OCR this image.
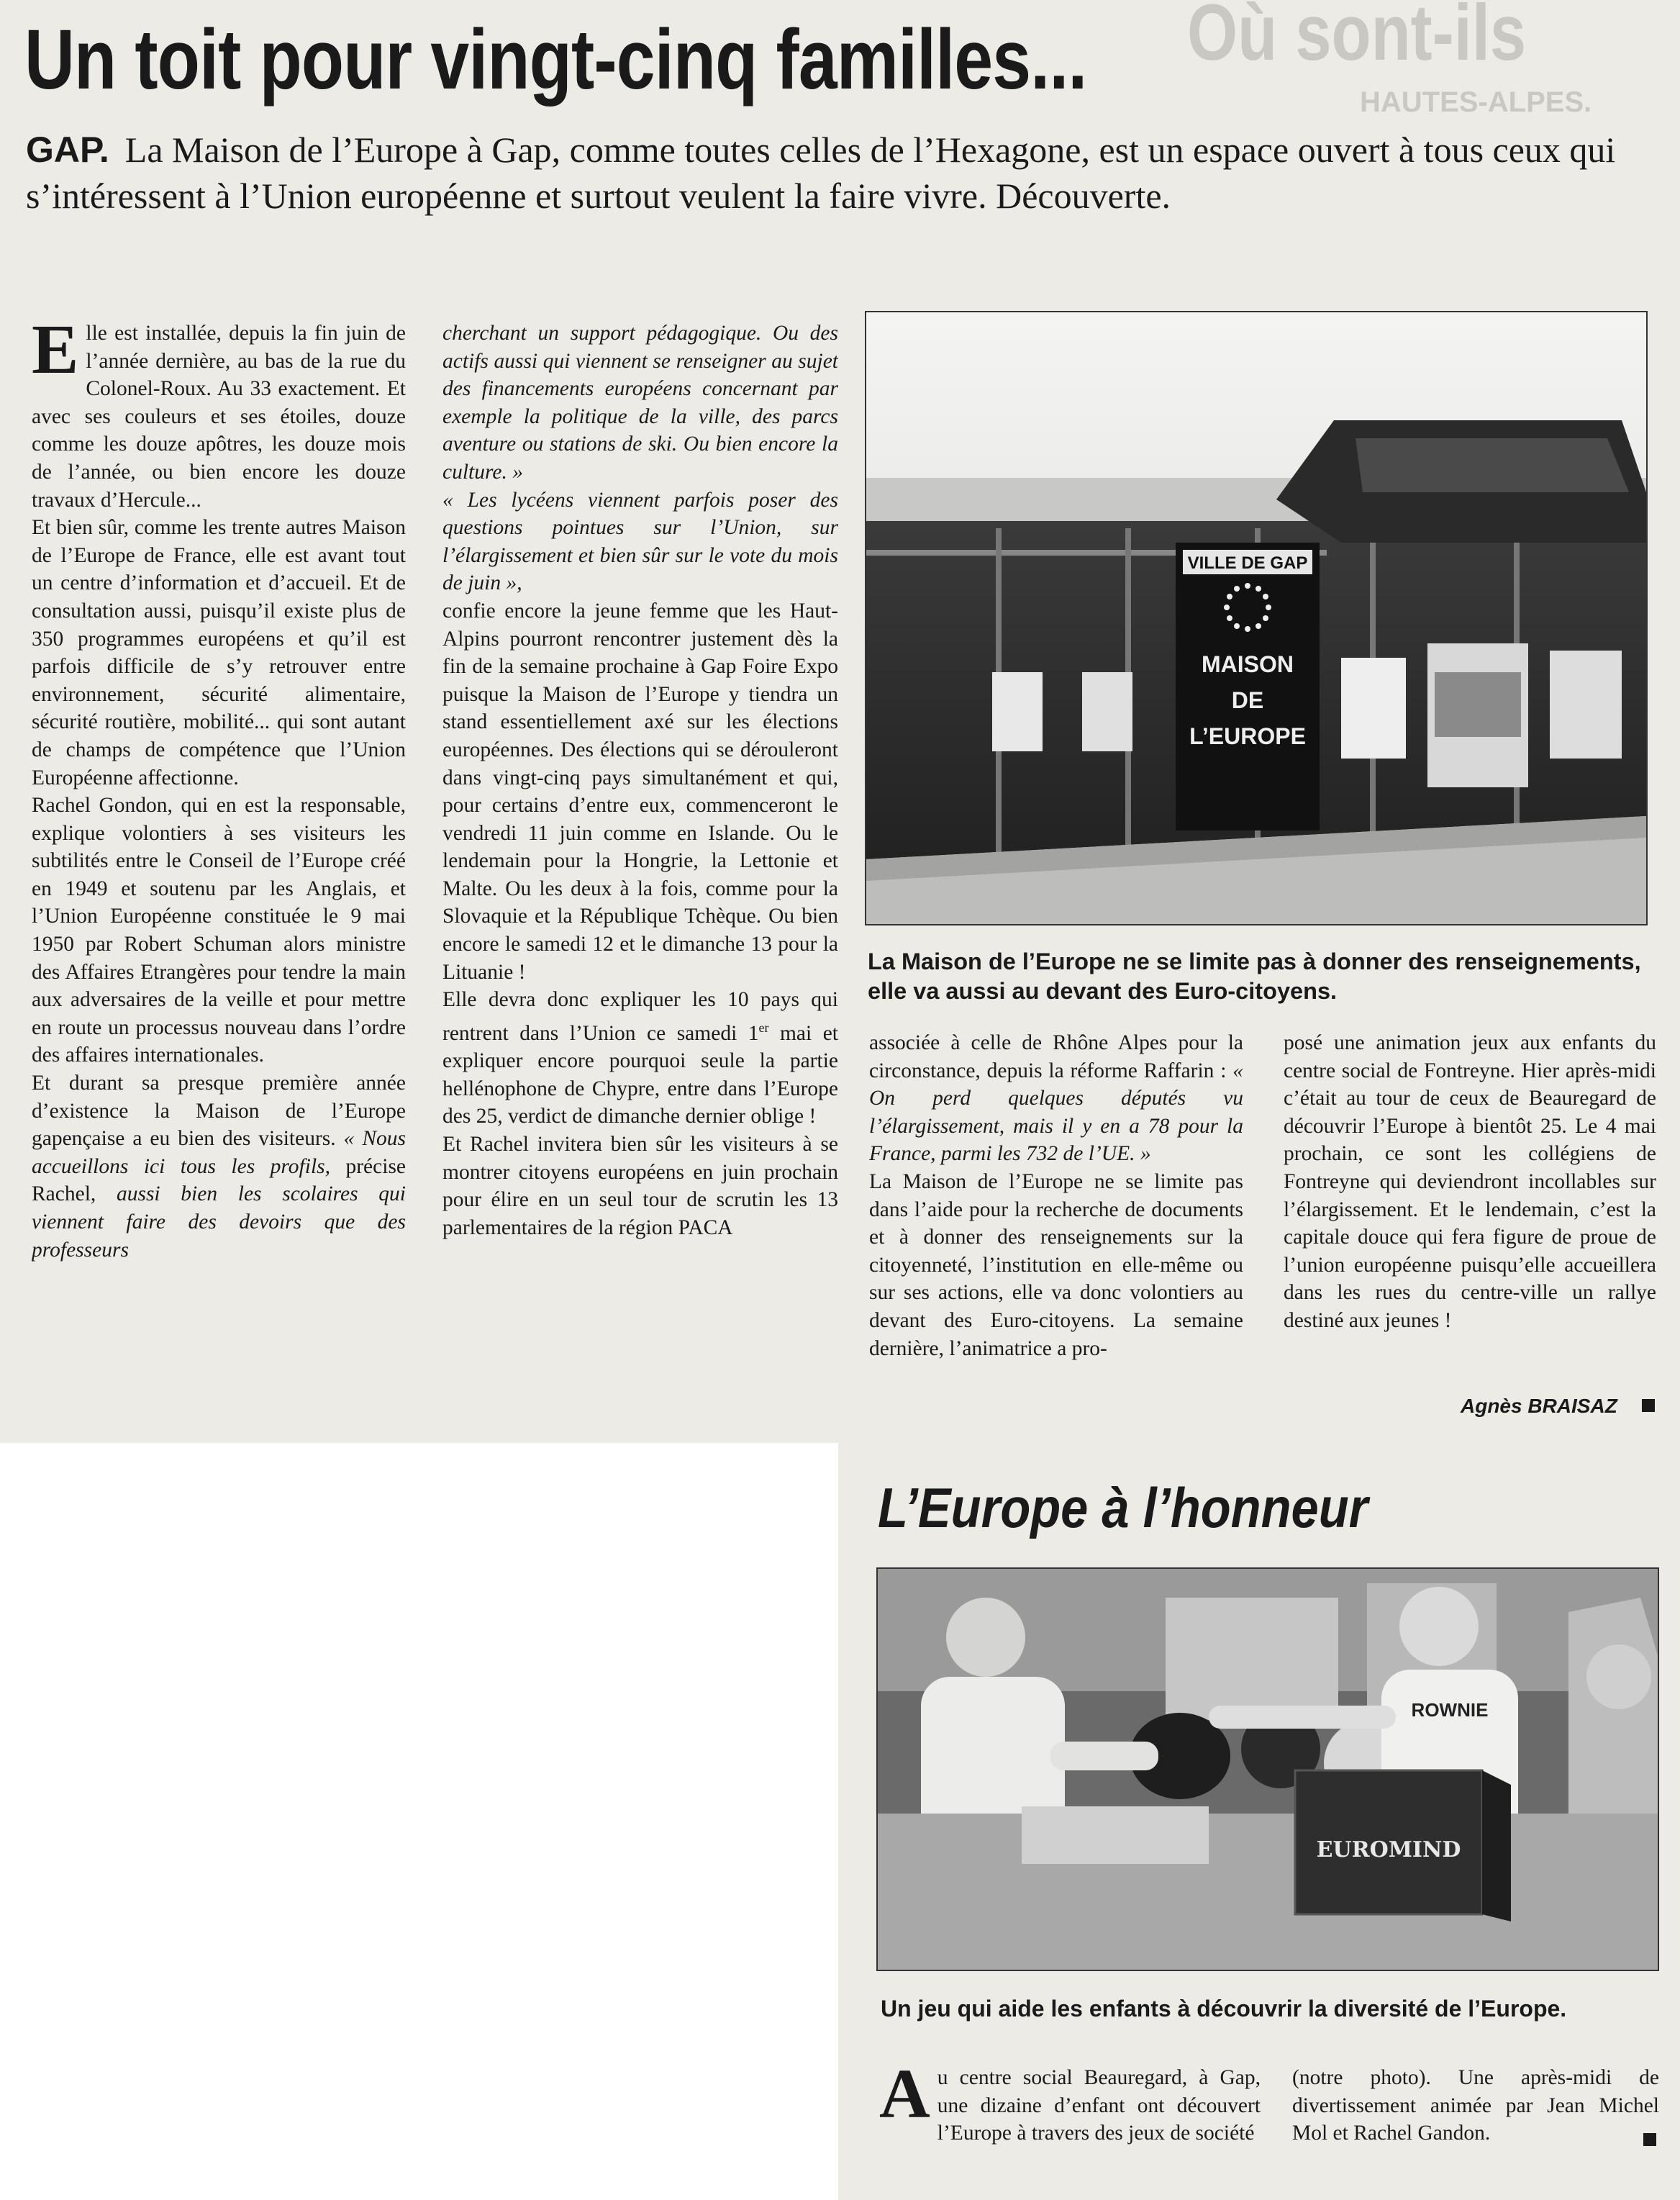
Où sont-ils
HAUTES-ALPES.
Un toit pour vingt-cinq familles...

GAP. La Maison de l’Europe à Gap, comme toutes celles de l’Hexagone, est un espace ouvert à tous ceux qui s’intéressent à l’Union européenne et surtout veulent la faire vivre. Découverte.

Elle est installée, depuis la fin juin de l’année dernière, au bas de la rue du Colonel-Roux. Au 33 exactement. Et avec ses couleurs et ses étoiles, douze comme les douze apôtres, les douze mois de l’année, ou bien encore les douze travaux d’Hercule...

Et bien sûr, comme les trente autres Maison de l’Europe de France, elle est avant tout un centre d’information et d’accueil. Et de consultation aussi, puisqu’il existe plus de 350 programmes européens et qu’il est parfois difficile de s’y retrouver entre environnement, sécurité alimentaire, sécurité routière, mobilité... qui sont autant de champs de compétence que l’Union Européenne affectionne.

Rachel Gondon, qui en est la responsable, explique volontiers à ses visiteurs les subtilités entre le Conseil de l’Europe créé en 1949 et soutenu par les Anglais, et l’Union Européenne constituée le 9 mai 1950 par Robert Schuman alors ministre des Affaires Etrangères pour tendre la main aux adversaires de la veille et pour mettre en route un processus nouveau dans l’ordre des affaires internationales.

Et durant sa presque première année d’existence la Maison de l’Europe gapençaise a eu bien des visiteurs. « Nous accueillons ici tous les profils, précise Rachel, aussi bien les scolaires qui viennent faire des devoirs que des professeurs

cherchant un support pédagogique. Ou des actifs aussi qui viennent se renseigner au sujet des financements européens concernant par exemple la politique de la ville, des parcs aventure ou stations de ski. Ou bien encore la culture. »

« Les lycéens viennent parfois poser des questions pointues sur l’Union, sur l’élargissement et bien sûr sur le vote du mois de juin »,

confie encore la jeune femme que les Haut-Alpins pourront rencontrer justement dès la fin de la semaine prochaine à Gap Foire Expo puisque la Maison de l’Europe y tiendra un stand essentiellement axé sur les élections européennes. Des élections qui se dérouleront dans vingt-cinq pays simultanément et qui, pour certains d’entre eux, commenceront le vendredi 11 juin comme en Islande. Ou le lendemain pour la Hongrie, la Lettonie et Malte. Ou les deux à la fois, comme pour la Slovaquie et la République Tchèque. Ou bien encore le samedi 12 et le dimanche 13 pour la Lituanie !

Elle devra donc expliquer les 10 pays qui rentrent dans l’Union ce samedi 1er mai et expliquer encore pourquoi seule la partie hellénophone de Chypre, entre dans l’Europe des 25, verdict de dimanche dernier oblige !

Et Rachel invitera bien sûr les visiteurs à se montrer citoyens européens en juin prochain pour élire en un seul tour de scrutin les 13 parlementaires de la région PACA

VILLE DE GAP
MAISON
DE
L’EUROPE
La Maison de l’Europe ne se limite pas à donner des renseignements, elle va aussi au devant des Euro-citoyens.

associée à celle de Rhône Alpes pour la circonstance, depuis la réforme Raffarin : « On perd quelques députés vu l’élargissement, mais il y en a 78 pour la France, parmi les 732 de l’UE. »

La Maison de l’Europe ne se limite pas dans l’aide pour la recherche de documents et à donner des renseignements sur la citoyenneté, l’institution en elle-même ou sur ses actions, elle va donc volontiers au devant des Euro-citoyens. La semaine dernière, l’animatrice a pro-

posé une animation jeux aux enfants du centre social de Fontreyne. Hier après-midi c’était au tour de ceux de Beauregard de découvrir l’Europe à bientôt 25. Le 4 mai prochain, ce sont les collégiens de Fontreyne qui deviendront incollables sur l’élargissement. Et le lendemain, c’est la capitale douce qui fera figure de proue de l’union européenne puisqu’elle accueillera dans les rues du centre-ville un rallye destiné aux jeunes !

Agnès BRAISAZ
L’Europe à l’honneur
ROWNIE
EUROMIND
Un jeu qui aide les enfants à découvrir la diversité de l’Europe.

Au centre social Beauregard, à Gap, une dizaine d’enfant ont découvert l’Europe à travers des jeux de société

(notre photo). Une après-midi de divertissement animée par Jean Michel Mol et Rachel Gandon.
